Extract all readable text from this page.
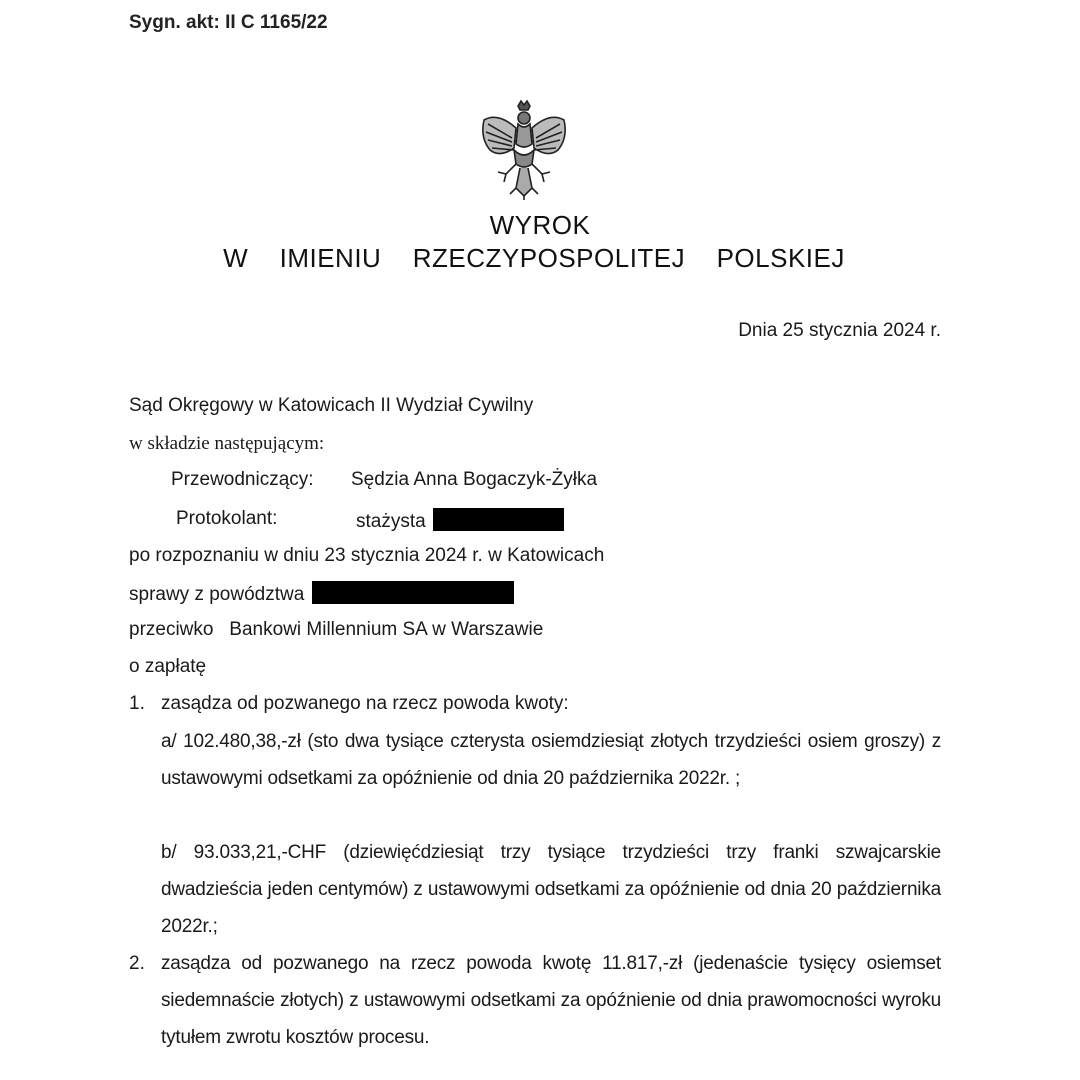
Sygn. akt: II C 1165/22
WYROK
W  IMIENIU  RZECZYPOSPOLITEJ  POLSKIEJ
Dnia 25 stycznia 2024 r.
Sąd Okręgowy w Katowicach II Wydział Cywilny
w składzie następującym:
Przewodniczący: Sędzia Anna Bogaczyk-Żyłka
Protokolant:	stażysta
po rozpoznaniu w dniu 23 stycznia 2024 r. w Katowicach
sprawy z powództwa
przeciwko   Bankowi Millennium SA w Warszawie
o zapłatę
1. zasądza od pozwanego na rzecz powoda kwoty:
a/ 102.480,38,-zł (sto dwa tysiące czterysta osiemdziesiąt złotych trzydzieści osiem groszy) z ustawowymi odsetkami za opóźnienie od dnia 20 października 2022r. ;
b/ 93.033,21,-CHF (dziewięćdziesiąt trzy tysiące trzydzieści trzy franki szwajcarskie dwadzieścia jeden centymów) z ustawowymi odsetkami za opóźnienie od dnia 20 października 2022r.;
2. zasądza od pozwanego na rzecz powoda kwotę 11.817,-zł (jedenaście tysięcy osiemset siedemnaście złotych) z ustawowymi odsetkami za opóźnienie od dnia prawomocności wyroku tytułem zwrotu kosztów procesu.
